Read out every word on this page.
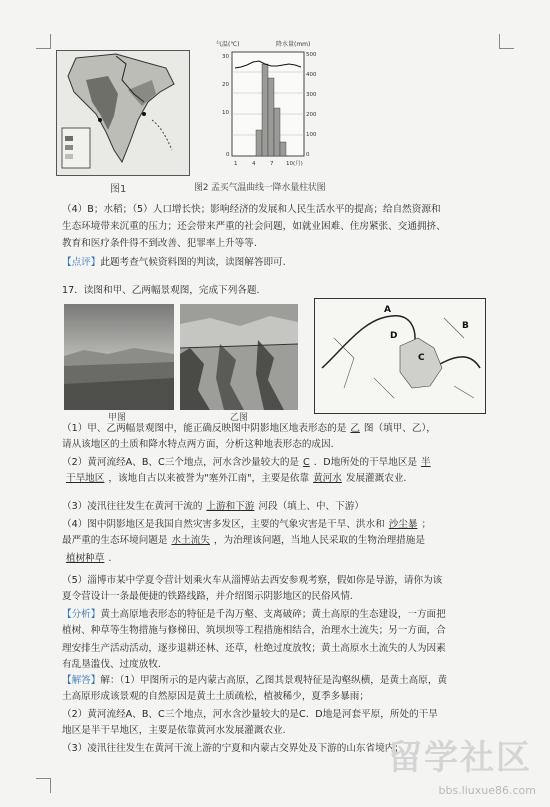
图1
气温(℃)	降水量(mm)
30
20
10
0
500
400
300
200
100
0
1	4	7 10(月)
图2 孟买气温曲线一降水量柱状图
甲图	乙图
A
B
C
D
（4）B；水稻；（5）人口增长快；影响经济的发展和人民生活水平的提高；给自然资源和
生态环境带来沉重的压力；还会带来严重的社会问题，如就业困难、住房紧张、交通拥挤、
教育和医疗条件得不到改善、犯罪率上升等等.
【点评】此题考查气候资料图的判读，读图解答即可.
17．读图和甲、乙两幅景观图，完成下列各题.
（1）甲、乙两幅景观图中，能正确反映图中阴影地区地表形态的是 乙 图（填甲、乙），
请从该地区的土质和降水特点两方面，分析这种地表形态的成因.
（2）黄河流经A、B、C三个地点，河水含沙量较大的是 C ．D地所处的干旱地区是 半
干旱地区 ，该地自古以来被誉为"塞外江南"，主要是依靠 黄河水 发展灌溉农业.
（3）凌汛往往发生在黄河干流的 上游和下游 河段（填上、中、下游）
（4）图中阴影地区是我国自然灾害多发区，主要的气象灾害是干旱、洪水和 沙尘暴 ；
最严重的生态环境问题是 水土流失 ，为治理该问题，当地人民采取的生物治理措施是
植树种草 .
（5）淄博市某中学夏令营计划乘火车从淄博站去西安参观考察，假如你是导游，请你为该
夏令营设计一条最便捷的铁路线路，并介绍图示阴影地区的民俗风情.
【分析】黄土高原地表形态的特征是千沟万壑、支离破碎；黄土高原的生态建设，一方面把
植树、种草等生物措施与修梯田、筑坝坝等工程措施相结合，治理水土流失；另一方面，合
理安排生产活动活动，逐步退耕还林、还草，杜绝过度放牧；黄土高原水土流失的人为因素
有乱垦滥伐、过度放牧.
【解答】解：（1）甲图所示的是内蒙古高原，乙图其景观特征是沟壑纵横，是黄土高原，黄
土高原形成该景观的自然原因是黄土土质疏松，植被稀少，夏季多暴雨；
（2）黄河流经A、B、C三个地点，河水含沙量较大的是C．D地是河套平原，所处的干旱
地区是半干旱地区，主要是依靠黄河水发展灌溉农业.
（3）凌汛往往发生在黄河干流上游的宁夏和内蒙古交界处及下游的山东省境内；
留学社区
bbs.liuxue86.com
